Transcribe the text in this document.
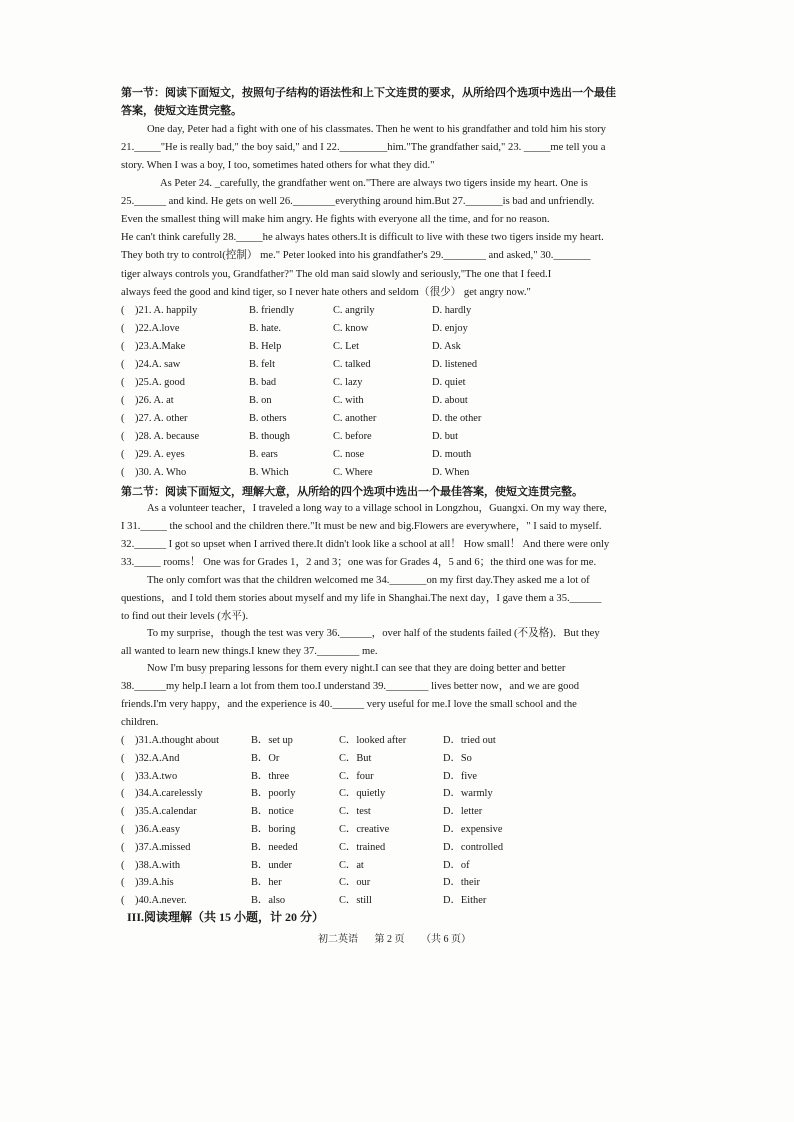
第一节：阅读下面短文，按照句子结构的语法性和上下文连贯的要求，从所给四个选项中选出一个最佳
答案，使短文连贯完整。
One day, Peter had a fight with one of his classmates. Then he went to his grandfather and told him his story
21._____"He is really bad," the boy said," and I 22._________him."The grandfather said," 23. _____me tell you a
story. When I was a boy, I too, sometimes hated others for what they did."
As Peter 24. _carefully, the grandfather went on."There are always two tigers inside my heart. One is
25.______ and kind. He gets on well 26.________everything around him.But 27._______is bad and unfriendly.
Even the smallest thing will make him angry. He fights with everyone all the time, and for no reason.
He can't think carefully 28._____he always hates others.It is difficult to live with these two tigers inside my heart.
They both try to control(控制） me." Peter looked into his grandfather's 29.________ and asked," 30._______
tiger always controls you, Grandfather?" The old man said slowly and seriously,"The one that I feed.I
always feed the good and kind tiger, so I never hate others and seldom（很少） get angry now."
( )21. A. happily	B. friendly	C. angrily	D. hardly
( )22.A.love	B. hate.	C. know	D. enjoy
( )23.A.Make	B. Help	C. Let	D. Ask
( )24.A. saw	B. felt	C. talked	D. listened
( )25.A. good	B. bad	C. lazy	D. quiet
( )26. A. at	B. on	C. with	D. about
( )27. A. other	B. others	C. another	D. the other
( )28. A. because	B. though	C. before	D. but
( )29. A. eyes	B. ears	C. nose	D. mouth
( )30. A. Who	B. Which	C. Where	D. When
第二节：阅读下面短文，理解大意，从所给的四个选项中选出一个最佳答案，使短文连贯完整。
As a volunteer teacher，I traveled a long way to a village school in Longzhou，Guangxi. On my way there,
I 31._____ the school and the children there."It must be new and big.Flowers are everywhere，" I said to myself.
32.______ I got so upset when I arrived there.It didn't look like a school at all！ How small！ And there were only
33._____ rooms！ One was for Grades 1，2 and 3；one was for Grades 4，5 and 6；the third one was for me.
The only comfort was that the children welcomed me 34._______on my first day.They asked me a lot of
questions，and I told them stories about myself and my life in Shanghai.The next day，I gave them a 35.______
to find out their levels (水平).
To my surprise，though the test was very 36.______，over half of the students failed (不及格)．But they
all wanted to learn new things.I knew they 37.________ me.
Now I'm busy preparing lessons for them every night.I can see that they are doing better and better
38.______my help.I learn a lot from them too.I understand 39.________ lives better now，and we are good
friends.I'm very happy，and the experience is 40.______ very useful for me.I love the small school and the
children.
( )31.A.thought about	B．set up	C．looked after	D．tried out
( )32.A.And	B．Or	C．But	D．So
( )33.A.two	B．three	C．four	D．five
( )34.A.carelessly	B．poorly	C．quietly	D．warmly
( )35.A.calendar	B．notice	C．test	D．letter
( )36.A.easy	B．boring	C．creative	D．expensive
( )37.A.missed	B．needed	C．trained	D．controlled
( )38.A.with	B．under	C．at	D．of
( )39.A.his	B．her	C．our	D．their
( )40.A.never.	B．also	C．still	D．Either
III.阅读理解（共 15 小题，计 20 分）
初二英语 第 2 页 （共 6 页）
